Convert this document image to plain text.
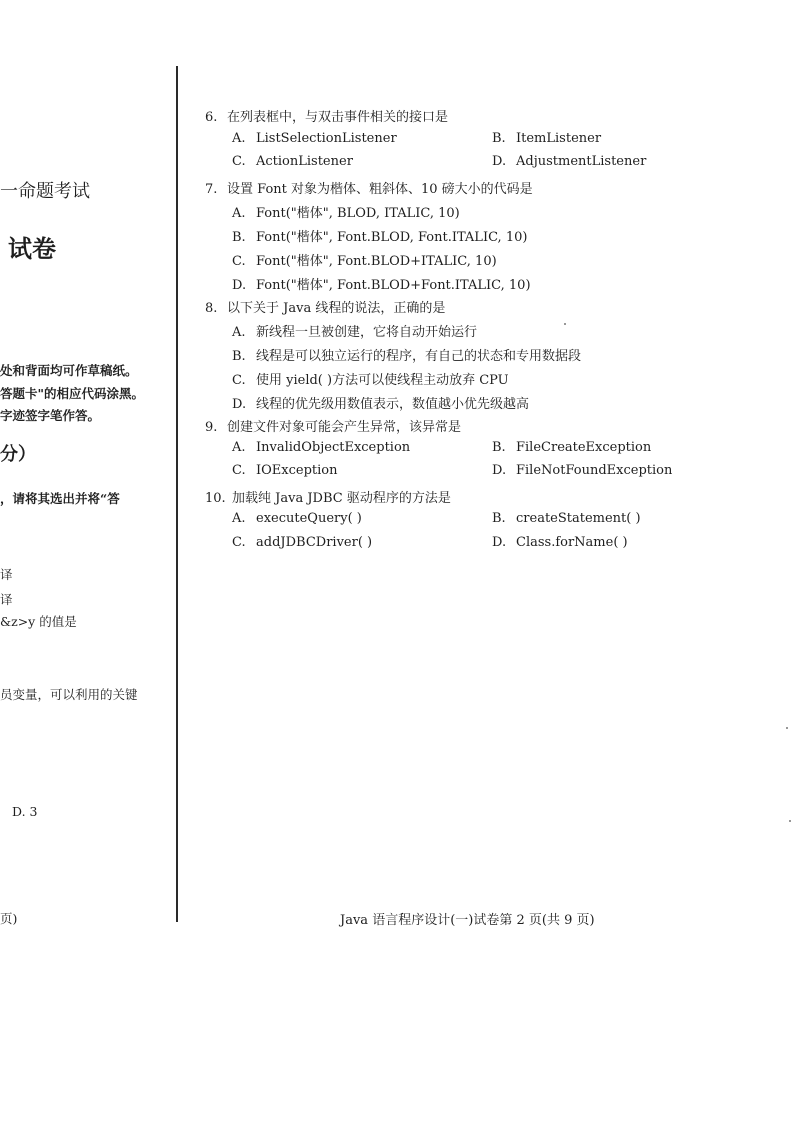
一命题考试
试卷
处和背面均可作草稿纸。
答题卡"的相应代码涂黑。
字迹签字笔作答。
分）
，请将其选出并将“答
译
译
&z>y 的值是
员变量，可以利用的关键
D. 3
页)
6. 在列表框中，与双击事件相关的接口是
A. ListSelectionListener	B. ItemListener
C. ActionListener	D. AdjustmentListener
7. 设置 Font 对象为楷体、粗斜体、10 磅大小的代码是
A. Font("楷体", BLOD, ITALIC, 10)
B. Font("楷体", Font.BLOD, Font.ITALIC, 10)
C. Font("楷体", Font.BLOD+ITALIC, 10)
D. Font("楷体", Font.BLOD+Font.ITALIC, 10)
8. 以下关于 Java 线程的说法，正确的是
A. 新线程一旦被创建，它将自动开始运行
B. 线程是可以独立运行的程序，有自己的状态和专用数据段
C. 使用 yield( )方法可以使线程主动放弃 CPU
D. 线程的优先级用数值表示，数值越小优先级越高
9. 创建文件对象可能会产生异常，该异常是
A. InvalidObjectException	B. FileCreateException
C. IOException	D. FileNotFoundException
10. 加载纯 Java JDBC 驱动程序的方法是
A. executeQuery( )	B. createStatement( )
C. addJDBCDriver( )	D. Class.forName( )
Java 语言程序设计(一)试卷第 2 页(共 9 页)
